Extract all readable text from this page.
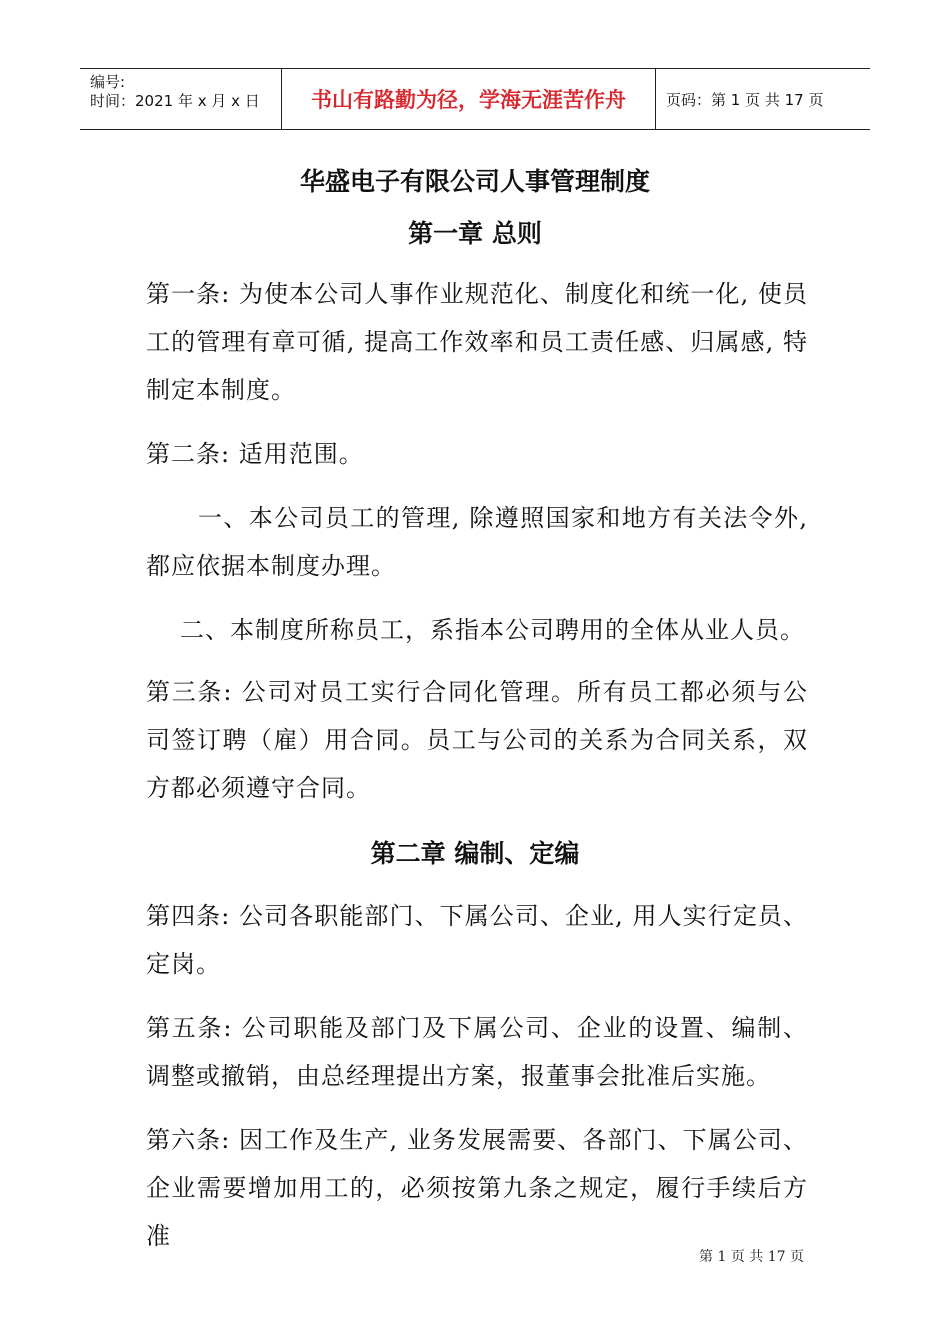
编号:
时间：2021 年 x 月 x 日	书山有路勤为径，学海无涯苦作舟	页码：第 1 页 共 17 页
华盛电子有限公司人事管理制度
第一章 总则
第一条: 为使本公司人事作业规范化、制度化和统一化, 使员工的管理有章可循, 提高工作效率和员工责任感、归属感, 特制定本制度。
第二条: 适用范围。
一、本公司员工的管理, 除遵照国家和地方有关法令外, 都应依据本制度办理。
二、本制度所称员工，系指本公司聘用的全体从业人员。
第三条: 公司对员工实行合同化管理。所有员工都必须与公司签订聘（雇）用合同。员工与公司的关系为合同关系，双方都必须遵守合同。
第二章 编制、定编
第四条: 公司各职能部门、下属公司、企业, 用人实行定员、定岗。
第五条: 公司职能及部门及下属公司、企业的设置、编制、调整或撤销，由总经理提出方案，报董事会批准后实施。
第六条: 因工作及生产, 业务发展需要、各部门、下属公司、企业需要增加用工的，必须按第九条之规定，履行手续后方准
第 1 页 共 17 页
